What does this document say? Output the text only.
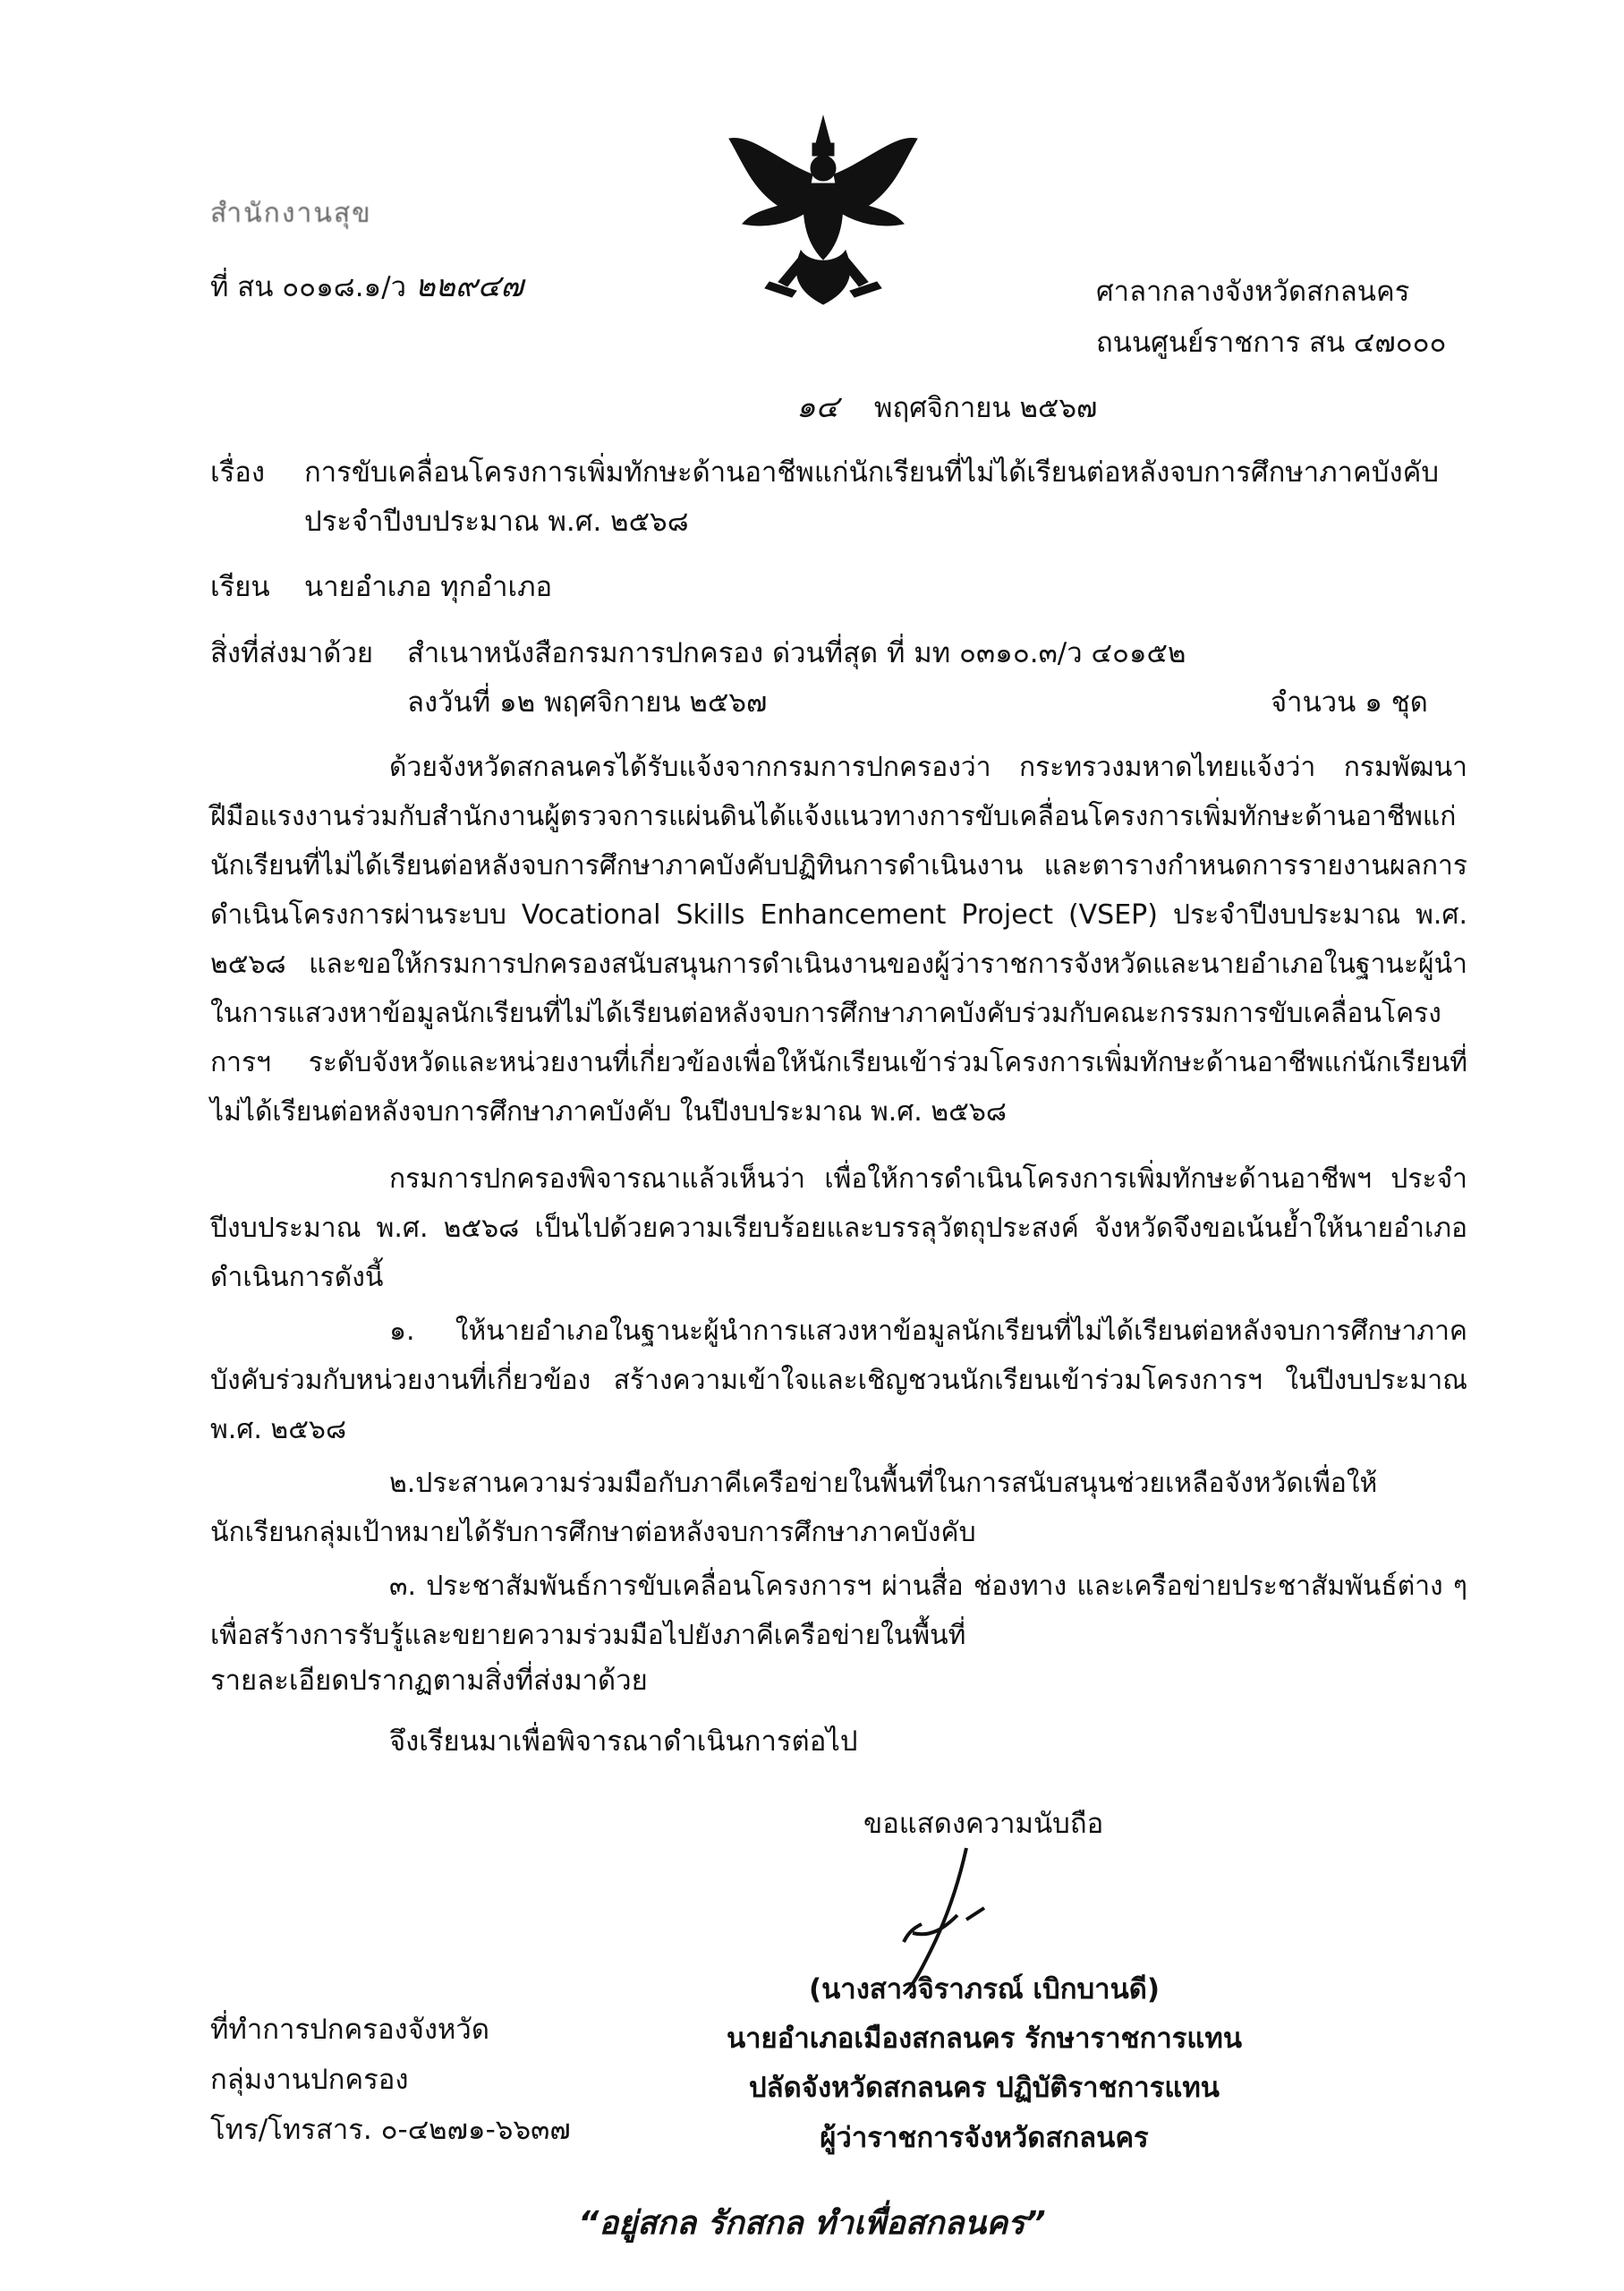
สำนักงานสุข
ที่ สน ๐๐๑๘.๑/ว ๒๒๙๔๗	ศาลากลางจังหวัดสกลนคร
ถนนศูนย์ราชการ สน ๔๗๐๐๐
๑๔ พฤศจิกายน ๒๕๖๗
เรื่อง การขับเคลื่อนโครงการเพิ่มทักษะด้านอาชีพแก่นักเรียนที่ไม่ได้เรียนต่อหลังจบการศึกษาภาคบังคับ
ประจำปีงบประมาณ พ.ศ. ๒๕๖๘
เรียน นายอำเภอ ทุกอำเภอ
สิ่งที่ส่งมาด้วย สำเนาหนังสือกรมการปกครอง ด่วนที่สุด ที่ มท ๐๓๑๐.๓/ว ๔๐๑๕๒
ลงวันที่ ๑๒ พฤศจิกายน ๒๕๖๗	จำนวน ๑ ชุด
ด้วยจังหวัดสกลนครได้รับแจ้งจากกรมการปกครองว่า กระทรวงมหาดไทยแจ้งว่า กรมพัฒนาฝีมือแรงงานร่วมกับสำนักงานผู้ตรวจการแผ่นดินได้แจ้งแนวทางการขับเคลื่อนโครงการเพิ่มทักษะด้านอาชีพแก่นักเรียนที่ไม่ได้เรียนต่อหลังจบการศึกษาภาคบังคับปฏิทินการดำเนินงาน และตารางกำหนดการรายงานผลการดำเนินโครงการผ่านระบบ Vocational Skills Enhancement Project (VSEP) ประจำปีงบประมาณ พ.ศ. ๒๕๖๘ และขอให้กรมการปกครองสนับสนุนการดำเนินงานของผู้ว่าราชการจังหวัดและนายอำเภอในฐานะผู้นำในการแสวงหาข้อมูลนักเรียนที่ไม่ได้เรียนต่อหลังจบการศึกษาภาคบังคับร่วมกับคณะกรรมการขับเคลื่อนโครงการฯ ระดับจังหวัดและหน่วยงานที่เกี่ยวข้องเพื่อให้นักเรียนเข้าร่วมโครงการเพิ่มทักษะด้านอาชีพแก่นักเรียนที่ไม่ได้เรียนต่อหลังจบการศึกษาภาคบังคับ ในปีงบประมาณ พ.ศ. ๒๕๖๘
กรมการปกครองพิจารณาแล้วเห็นว่า เพื่อให้การดำเนินโครงการเพิ่มทักษะด้านอาชีพฯ ประจำปีงบประมาณ พ.ศ. ๒๕๖๘ เป็นไปด้วยความเรียบร้อยและบรรลุวัตถุประสงค์ จังหวัดจึงขอเน้นย้ำให้นายอำเภอดำเนินการดังนี้
๑. ให้นายอำเภอในฐานะผู้นำการแสวงหาข้อมูลนักเรียนที่ไม่ได้เรียนต่อหลังจบการศึกษาภาคบังคับร่วมกับหน่วยงานที่เกี่ยวข้อง สร้างความเข้าใจและเชิญชวนนักเรียนเข้าร่วมโครงการฯ ในปีงบประมาณ พ.ศ. ๒๕๖๘
๒.ประสานความร่วมมือกับภาคีเครือข่ายในพื้นที่ในการสนับสนุนช่วยเหลือจังหวัดเพื่อให้นักเรียนกลุ่มเป้าหมายได้รับการศึกษาต่อหลังจบการศึกษาภาคบังคับ
๓. ประชาสัมพันธ์การขับเคลื่อนโครงการฯ ผ่านสื่อ ช่องทาง และเครือข่ายประชาสัมพันธ์ต่าง ๆ เพื่อสร้างการรับรู้และขยายความร่วมมือไปยังภาคีเครือข่ายในพื้นที่
รายละเอียดปรากฏตามสิ่งที่ส่งมาด้วย
จึงเรียนมาเพื่อพิจารณาดำเนินการต่อไป
ขอแสดงความนับถือ
(นางสาวจิราภรณ์ เบิกบานดี)
นายอำเภอเมืองสกลนคร รักษาราชการแทน
ปลัดจังหวัดสกลนคร ปฏิบัติราชการแทน
ผู้ว่าราชการจังหวัดสกลนคร
ที่ทำการปกครองจังหวัด
กลุ่มงานปกครอง
โทร/โทรสาร. ๐-๔๒๗๑-๖๖๓๗
“อยู่สกล รักสกล ทำเพื่อสกลนคร”
